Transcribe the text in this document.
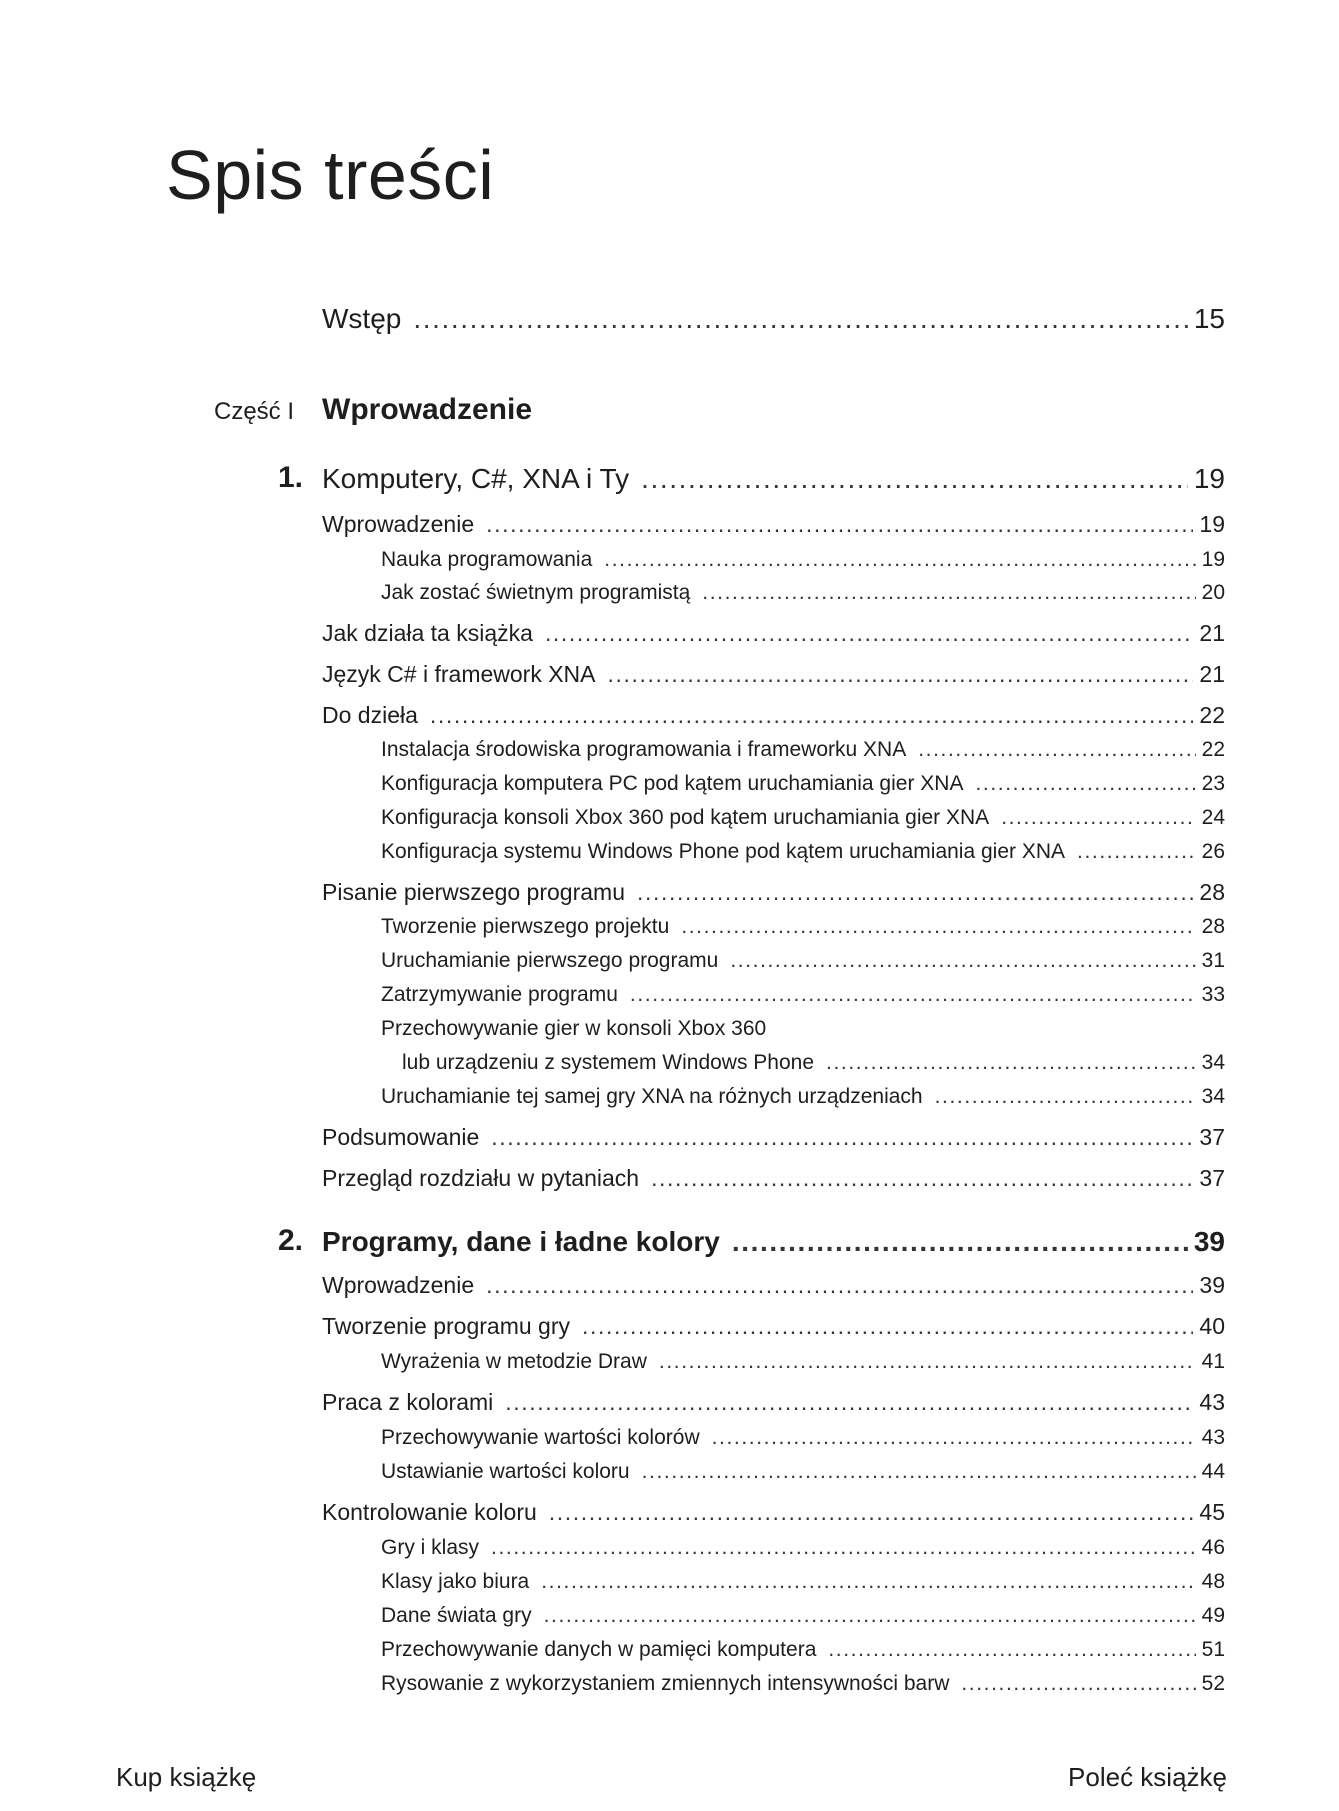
Spis treści
Wstęp .....	15
Część I Wprowadzenie
1. Komputery, C#, XNA i Ty .....	19
Wprowadzenie .....	19
Nauka programowania .....	19
Jak zostać świetnym programistą .....	20
Jak działa ta książka .....	21
Język C# i framework XNA .....	21
Do dzieła .....	22
Instalacja środowiska programowania i frameworku XNA .....	22
Konfiguracja komputera PC pod kątem uruchamiania gier XNA .....	23
Konfiguracja konsoli Xbox 360 pod kątem uruchamiania gier XNA .....	24
Konfiguracja systemu Windows Phone pod kątem uruchamiania gier XNA .....	26
Pisanie pierwszego programu .....	28
Tworzenie pierwszego projektu .....	28
Uruchamianie pierwszego programu .....	31
Zatrzymywanie programu .....	33
Przechowywanie gier w konsoli Xbox 360
lub urządzeniu z systemem Windows Phone .....	34
Uruchamianie tej samej gry XNA na różnych urządzeniach .....	34
Podsumowanie .....	37
Przegląd rozdziału w pytaniach .....	37
2. Programy, dane i ładne kolory .....	39
Wprowadzenie .....	39
Tworzenie programu gry .....	40
Wyrażenia w metodzie Draw .....	41
Praca z kolorami .....	43
Przechowywanie wartości kolorów .....	43
Ustawianie wartości koloru .....	44
Kontrolowanie koloru .....	45
Gry i klasy .....	46
Klasy jako biura .....	48
Dane świata gry .....	49
Przechowywanie danych w pamięci komputera .....	51
Rysowanie z wykorzystaniem zmiennych intensywności barw .....	52
Kup książkę	Poleć książkę
